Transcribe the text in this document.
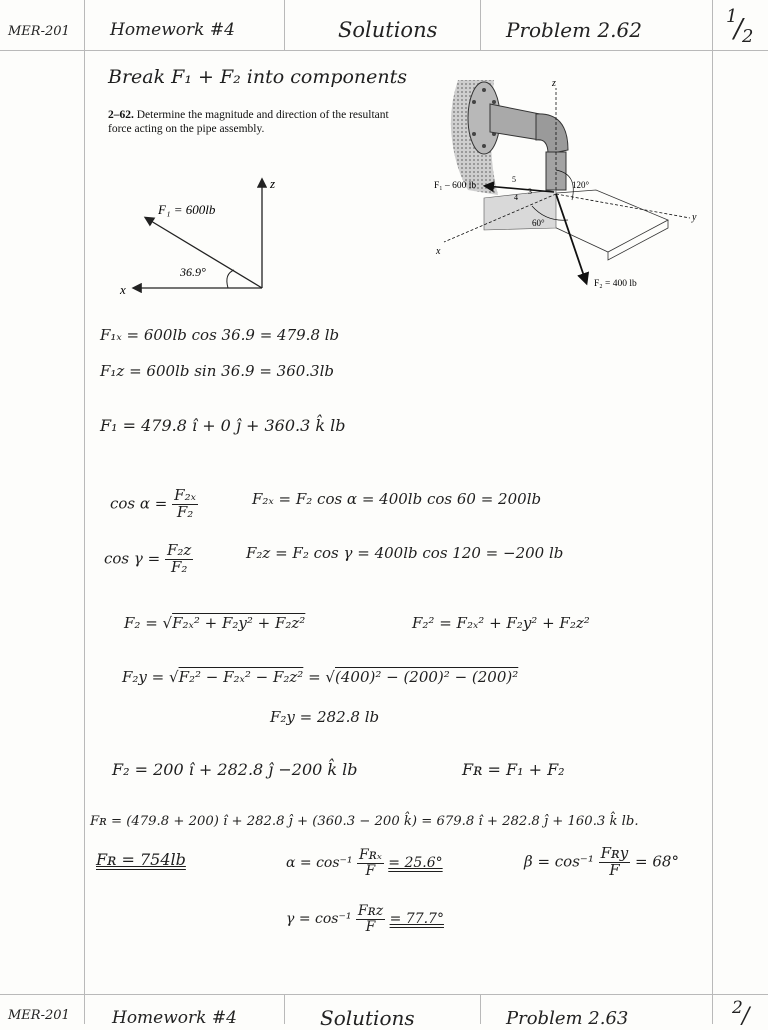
MER-201 Homework #4	Solutions	Problem 2.62
1
/ 2
Break F₁ + F₂ into components
2–62. Determine the magnitude and direction of the resultant force acting on the pipe assembly.
z
x
F₁ = 600lb
36.9°
z
y
x
F₁ – 600 lb
5
4
3
F₂ = 400 lb
120°
60°
F₁ₓ = 600lb cos 36.9 = 479.8 lb
F₁z = 600lb sin 36.9 = 360.3lb
F₁ = 479.8 î + 0 ĵ + 360.3 k̂ lb
$\cos \alpha = \frac{\text{F₂ₓ}}{\text{F₂}}$	F₂ₓ = F₂ cos α = 400lb cos 60 = 200lb
$\cos \gamma = \frac{\text{F₂z}}{\text{F₂}}$	F₂z = F₂ cos γ = 400lb cos 120 = −200 lb
F₂ = √F₂ₓ² + F₂y² + F₂z²	F₂² = F₂ₓ² + F₂y² + F₂z²
F₂y = √F₂² − F₂ₓ² − F₂z² = √(400)² − (200)² − (200)²
F₂y = 282.8 lb
F₂ = 200 î + 282.8 ĵ −200 k̂ lb	Fʀ = F₁ + F₂
Fʀ = (479.8 + 200) î + 282.8 ĵ + (360.3 − 200 k̂) = 679.8 î + 282.8 ĵ + 160.3 k̂ lb.
Fʀ = 754lb	$\alpha = \cos^{-1} \frac{\text{Fʀₓ}}{F} = 25.6^\circ$	$\beta = \cos^{-1} \frac{\text{Fʀy}}{F} = 68^\circ$
$\gamma = \cos^{-1} \frac{\text{Fʀz}}{F} = 77.7^\circ$
MER-201 Homework #4	Solutions	Problem 2.63	2 /
